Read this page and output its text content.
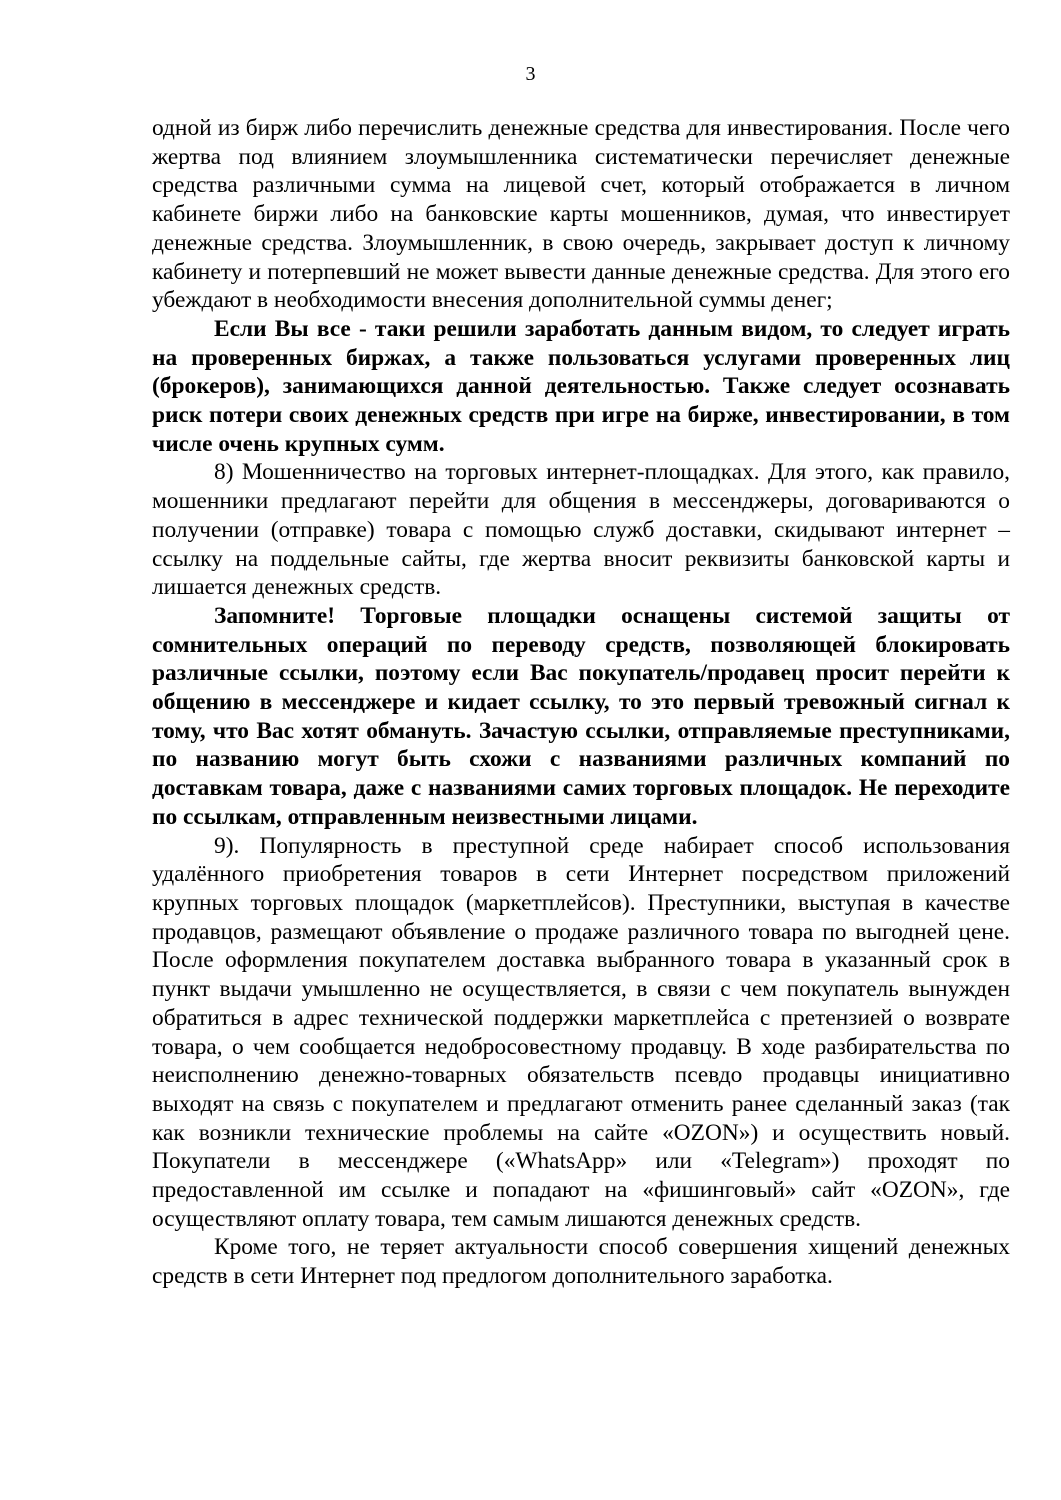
3

одной из бирж либо перечислить денежные средства для инвестирования. После чего жертва под влиянием злоумышленника систематически перечисляет денежные средства различными сумма на лицевой счет, который отображается в личном кабинете биржи либо на банковские карты мошенников, думая, что инвестирует денежные средства. Злоумышленник, в свою очередь, закрывает доступ к личному кабинету и потерпевший не может вывести данные денежные средства. Для этого его убеждают в необходимости внесения дополнительной суммы денег;

Если Вы все - таки решили заработать данным видом, то следует играть на проверенных биржах, а также пользоваться услугами проверенных лиц (брокеров), занимающихся данной деятельностью. Также следует осознавать риск потери своих денежных средств при игре на бирже, инвестировании, в том числе очень крупных сумм.

8) Мошенничество на торговых интернет-площадках. Для этого, как правило, мошенники предлагают перейти для общения в мессенджеры, договариваются о получении (отправке) товара с помощью служб доставки, скидывают интернет – ссылку на поддельные сайты, где жертва вносит реквизиты банковской карты и лишается денежных средств.

Запомните! Торговые площадки оснащены системой защиты от сомнительных операций по переводу средств, позволяющей блокировать различные ссылки, поэтому если Вас покупатель/продавец просит перейти к общению в мессенджере и кидает ссылку, то это первый тревожный сигнал к тому, что Вас хотят обмануть. Зачастую ссылки, отправляемые преступниками, по названию могут быть схожи с названиями различных компаний по доставкам товара, даже с названиями самих торговых площадок. Не переходите по ссылкам, отправленным неизвестными лицами.

9). Популярность в преступной среде набирает способ использования удалённого приобретения товаров в сети Интернет посредством приложений крупных торговых площадок (маркетплейсов). Преступники, выступая в качестве продавцов, размещают объявление о продаже различного товара по выгодней цене. После оформления покупателем доставка выбранного товара в указанный срок в пункт выдачи умышленно не осуществляется, в связи с чем покупатель вынужден обратиться в адрес технической поддержки маркетплейса с претензией о возврате товара, о чем сообщается недобросовестному продавцу. В ходе разбирательства по неисполнению денежно-товарных обязательств псевдо продавцы инициативно выходят на связь с покупателем и предлагают отменить ранее сделанный заказ (так как возникли технические проблемы на сайте «OZON») и осуществить новый. Покупатели в мессенджере («WhatsApp» или «Telegram») проходят по предоставленной им ссылке и попадают на «фишинговый» сайт «OZON», где осуществляют оплату товара, тем самым лишаются денежных средств.

Кроме того, не теряет актуальности способ совершения хищений денежных средств в сети Интернет под предлогом дополнительного заработка.
